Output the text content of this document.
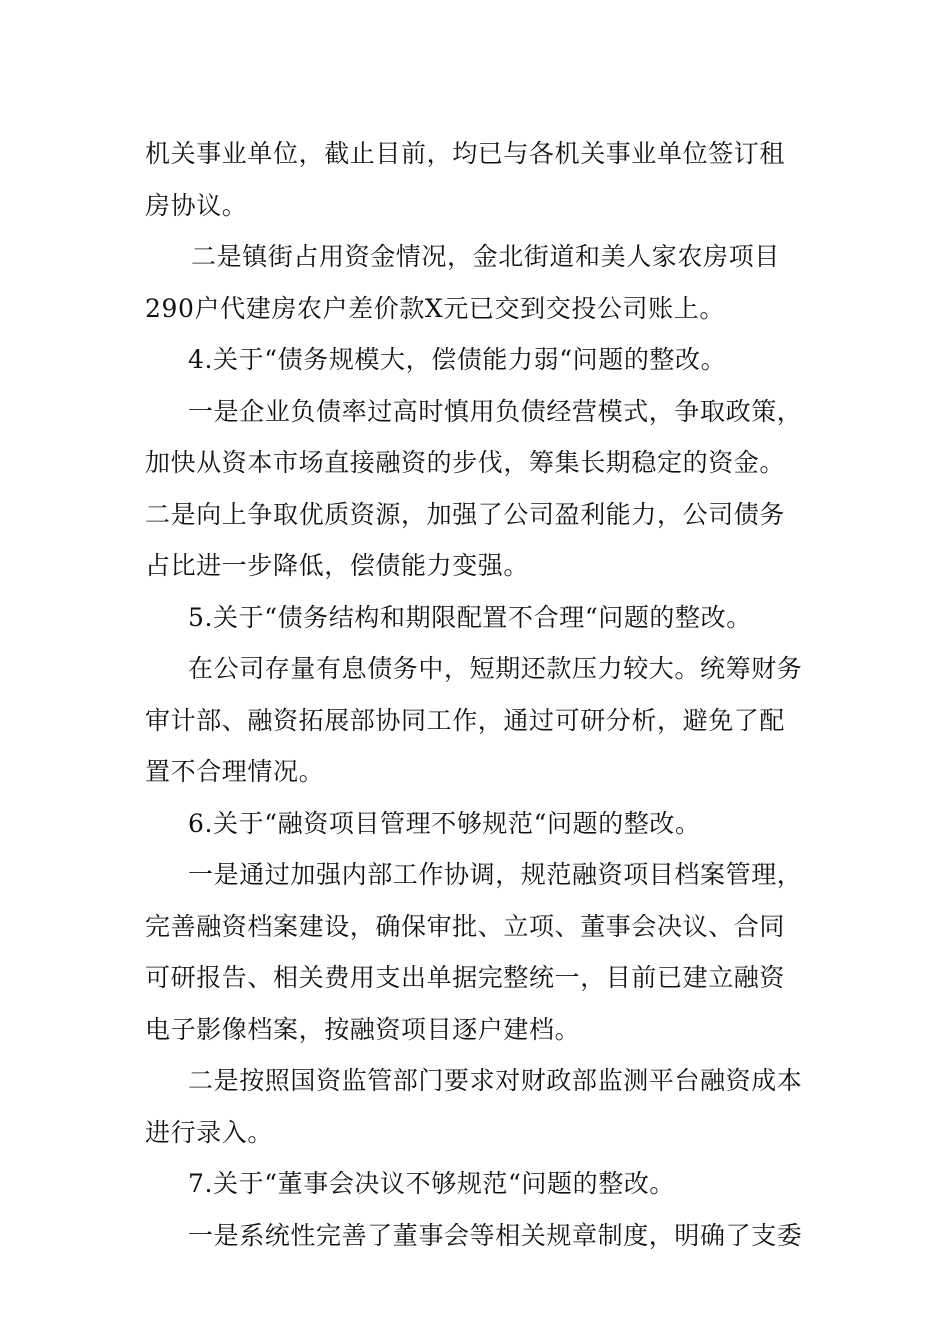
机关事业单位，截止目前，均已与各机关事业单位签订租
房协议。
二是镇街占用资金情况，金北街道和美人家农房项目
290户代建房农户差价款X元已交到交投公司账上。
4.关于“债务规模大，偿债能力弱“问题的整改。
一是企业负债率过高时慎用负债经营模式，争取政策，
加快从资本市场直接融资的步伐，筹集长期稳定的资金。
二是向上争取优质资源，加强了公司盈利能力，公司债务
占比进一步降低，偿债能力变强。
5.关于“债务结构和期限配置不合理“问题的整改。
在公司存量有息债务中，短期还款压力较大。统筹财务
审计部、融资拓展部协同工作，通过可研分析，避免了配
置不合理情况。
6.关于“融资项目管理不够规范“问题的整改。
一是通过加强内部工作协调，规范融资项目档案管理，
完善融资档案建设，确保审批、立项、董事会决议、合同
可研报告、相关费用支出单据完整统一，目前已建立融资
电子影像档案，按融资项目逐户建档。
二是按照国资监管部门要求对财政部监测平台融资成本
进行录入。
7.关于“董事会决议不够规范“问题的整改。
一是系统性完善了董事会等相关规章制度，明确了支委
